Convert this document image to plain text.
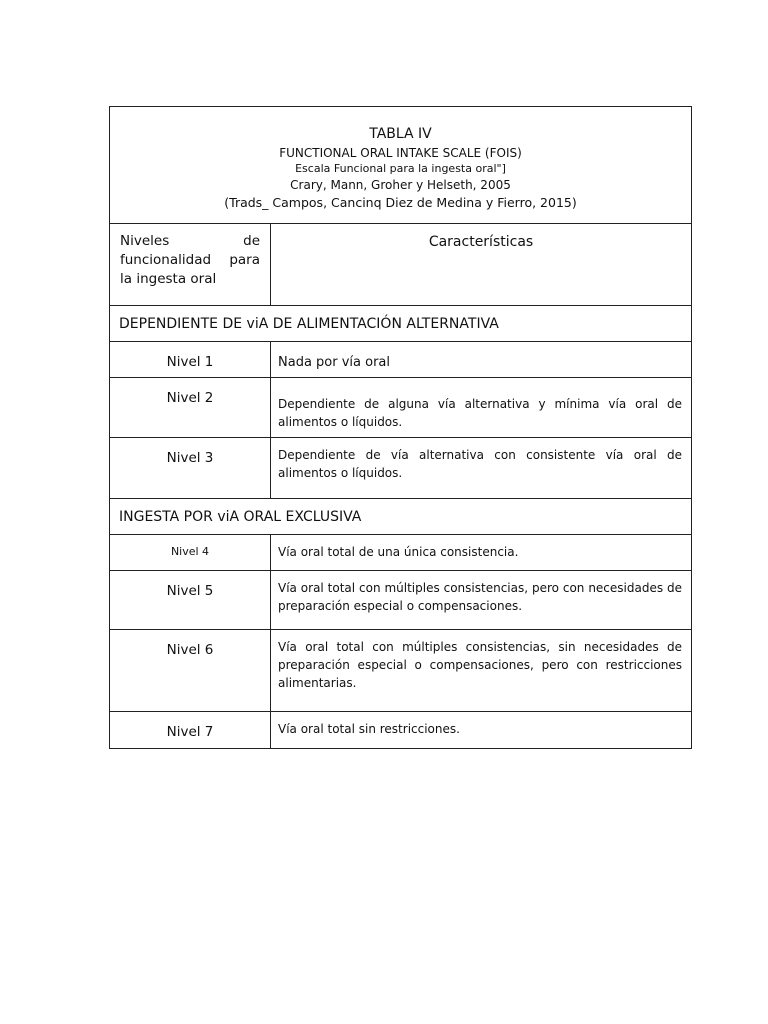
TABLA IV
FUNCTIONAL ORAL INTAKE SCALE (FOIS)
Escala Funcional para la ingesta oral"]
Crary, Mann, Groher y Helseth, 2005
(Trads_ Campos, Cancinq Diez de Medina y Fierro, 2015)	

Niveles de funcionalidad para la ingesta oral	Características

DEPENDIENTE DE viA DE ALIMENTACIÓN ALTERNATIVA	

Nivel 1	Nada por vía oral

Nivel 2	Dependiente de alguna vía alternativa y mínima vía oral de alimentos o líquidos.

Nivel 3	Dependiente de vía alternativa con consistente vía oral de alimentos o líquidos.

INGESTA POR viA ORAL EXCLUSIVA	

Nivel 4	Vía oral total de una única consistencia.

Nivel 5	Vía oral total con múltiples consistencias, pero con necesidades de preparación especial o compensaciones.

Nivel 6	Vía oral total con múltiples consistencias, sin necesidades de preparación especial o compensaciones, pero con restricciones alimentarias.

Nivel 7	Vía oral total sin restricciones.
